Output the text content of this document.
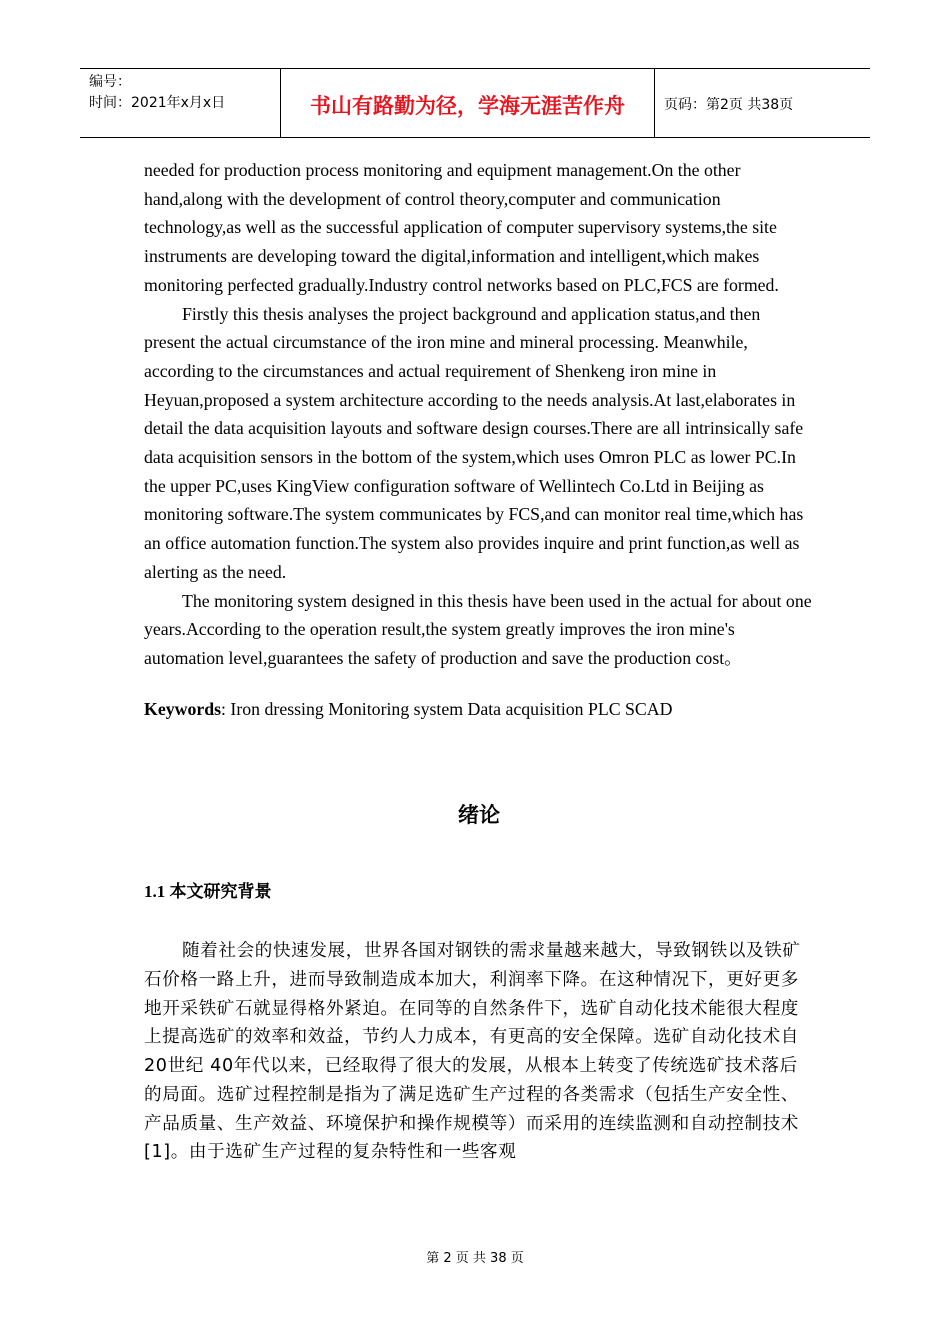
编号：
时间：2021年x月x日	书山有路勤为径，学海无涯苦作舟	页码：第2页 共38页

needed for production process monitoring and equipment management.On the other hand,along with the development of control theory,computer and communication technology,as well as the successful application of computer supervisory systems,the site instruments are developing toward the digital,information and intelligent,which makes monitoring perfected gradually.Industry control networks based on PLC,FCS are formed.

Firstly this thesis analyses the project background and application status,and then present the actual circumstance of the iron mine and mineral processing. Meanwhile, according to the circumstances and actual requirement of Shenkeng iron mine in Heyuan,proposed a system architecture according to the needs analysis.At last,elaborates in detail the data acquisition layouts and software design courses.There are all intrinsically safe data acquisition sensors in the bottom of the system,which uses Omron PLC as lower PC.In the upper PC,uses KingView configuration software of Wellintech Co.Ltd in Beijing as monitoring software.The system communicates by FCS,and can monitor real time,which has an office automation function.The system also provides inquire and print function,as well as alerting as the need.

The monitoring system designed in this thesis have been used in the actual for about one years.According to the operation result,the system greatly improves the iron mine's automation level,guarantees the safety of production and save the production cost。

Keywords: Iron dressing Monitoring system Data acquisition PLC SCAD
绪论
1.1 本文研究背景

随着社会的快速发展，世界各国对钢铁的需求量越来越大，导致钢铁以及铁矿石价格一路上升，进而导致制造成本加大，利润率下降。在这种情况下，更好更多地开采铁矿石就显得格外紧迫。在同等的自然条件下，选矿自动化技术能很大程度上提高选矿的效率和效益，节约人力成本，有更高的安全保障。选矿自动化技术自20世纪 40年代以来，已经取得了很大的发展，从根本上转变了传统选矿技术落后的局面。选矿过程控制是指为了满足选矿生产过程的各类需求（包括生产安全性、产品质量、生产效益、环境保护和操作规模等）而采用的连续监测和自动控制技术[1]。由于选矿生产过程的复杂特性和一些客观

第 2 页 共 38 页
